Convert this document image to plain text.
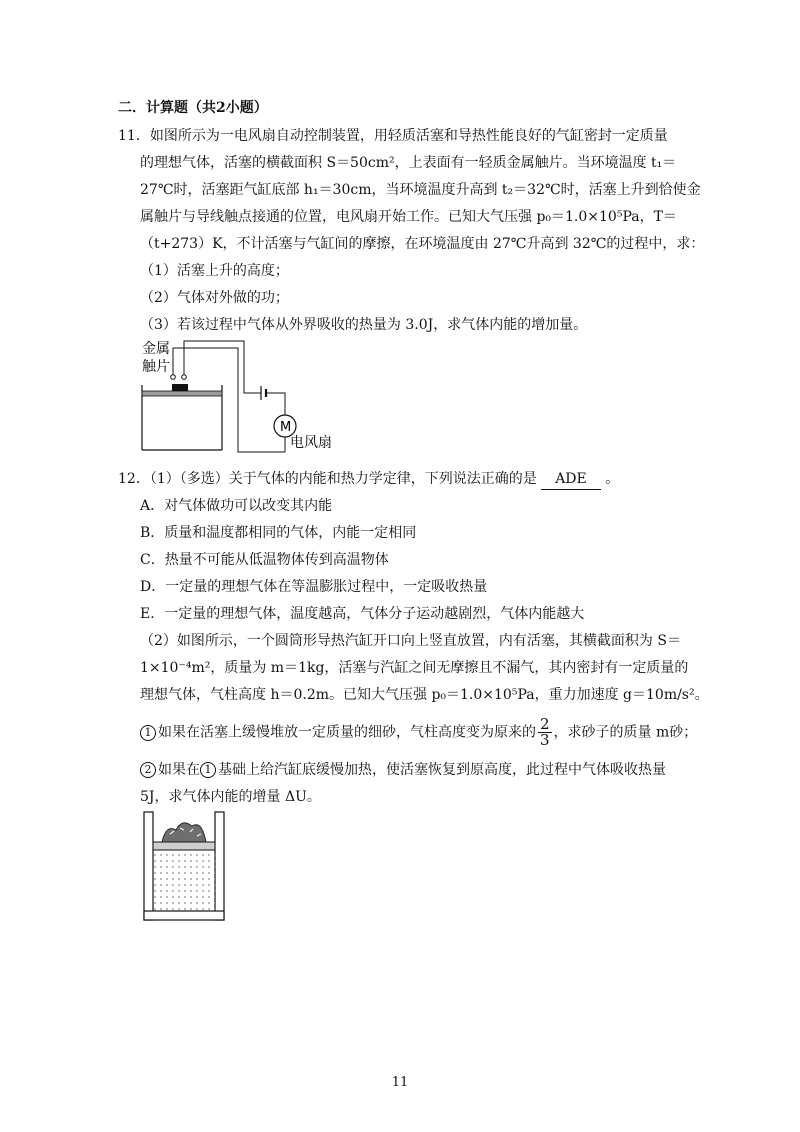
二．计算题（共2小题）
11．如图所示为一电风扇自动控制装置，用轻质活塞和导热性能良好的气缸密封一定质量
的理想气体，活塞的横截面积 S＝50cm²，上表面有一轻质金属触片。当环境温度 t₁＝
27℃时，活塞距气缸底部 h₁＝30cm，当环境温度升高到 t₂＝32℃时，活塞上升到恰使金
属触片与导线触点接通的位置，电风扇开始工作。已知大气压强 p₀＝1.0×10⁵Pa，T＝
（t+273）K，不计活塞与气缸间的摩擦，在环境温度由 27℃升高到 32℃的过程中，求：
（1）活塞上升的高度；
（2）气体对外做的功；
（3）若该过程中气体从外界吸收的热量为 3.0J，求气体内能的增加量。
金属
触片
M
电风扇
12．（1）（多选）关于气体的内能和热力学定律，下列说法正确的是 ADE 。
A．对气体做功可以改变其内能
B．质量和温度都相同的气体，内能一定相同
C．热量不可能从低温物体传到高温物体
D．一定量的理想气体在等温膨胀过程中，一定吸收热量
E．一定量的理想气体，温度越高，气体分子运动越剧烈，气体内能越大
（2）如图所示，一个圆筒形导热汽缸开口向上竖直放置，内有活塞，其横截面积为 S＝
1×10⁻⁴m²，质量为 m＝1kg，活塞与汽缸之间无摩擦且不漏气，其内密封有一定质量的
理想气体，气柱高度 h＝0.2m。已知大气压强 p₀＝1.0×10⁵Pa，重力加速度 g＝10m/s²。
1 如果在活塞上缓慢堆放一定质量的细砂，气柱高度变为原来的 $\frac{2}{3}$ ，求砂子的质量 m砂；
2 如果在 1 基础上给汽缸底缓慢加热，使活塞恢复到原高度，此过程中气体吸收热量
5J，求气体内能的增量 ΔU。
11
